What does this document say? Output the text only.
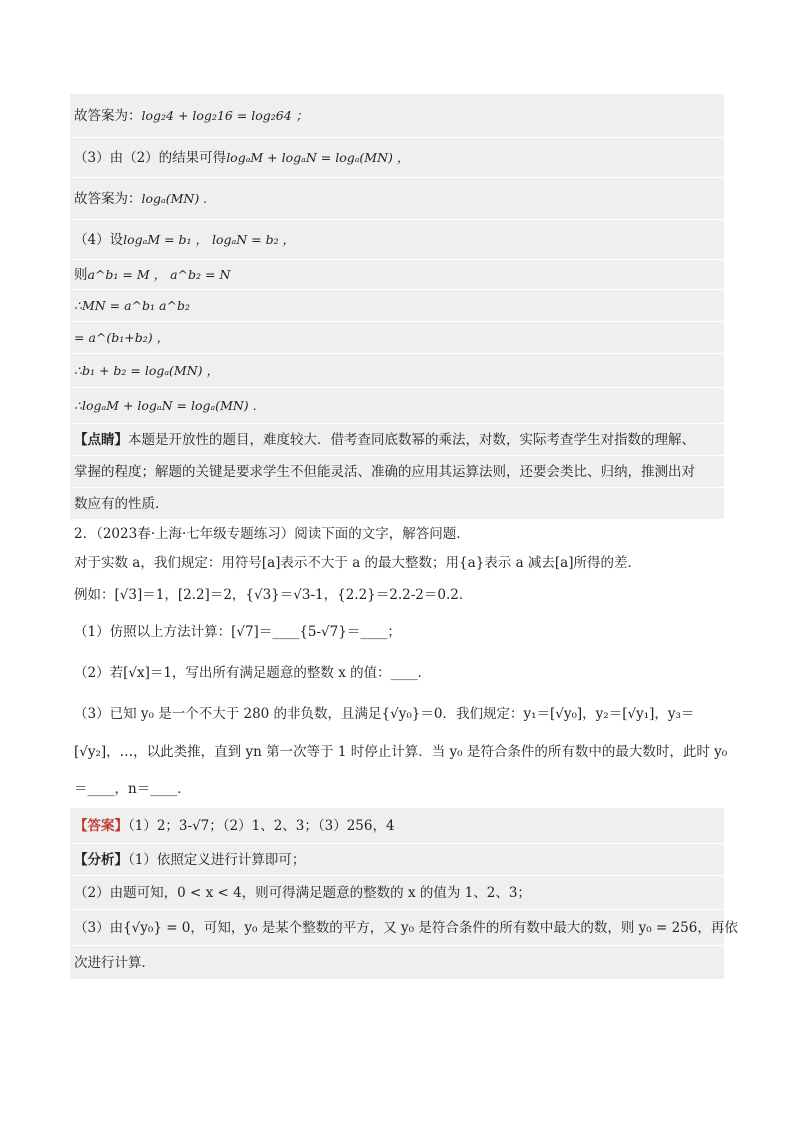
故答案为：log₂4 + log₂16 = log₂64 ；
（3）由（2）的结果可得logₐM + logₐN = logₐ(MN) ，
故答案为：logₐ(MN) .
（4）设logₐM = b₁ ， logₐN = b₂ ，
则a^b₁ = M ， a^b₂ = N
∴MN = a^b₁ a^b₂
= a^(b₁+b₂) ，
∴b₁ + b₂ = logₐ(MN) ，
∴logₐM + logₐN = logₐ(MN) .
【点睛】本题是开放性的题目，难度较大．借考查同底数幂的乘法，对数，实际考查学生对指数的理解、
掌握的程度；解题的关键是要求学生不但能灵活、准确的应用其运算法则，还要会类比、归纳，推测出对
数应有的性质．
2．（2023春·上海·七年级专题练习）阅读下面的文字，解答问题．
对于实数 a，我们规定：用符号[a]表示不大于 a 的最大整数；用{a}表示 a 减去[a]所得的差．
例如：[√3]＝1，[2.2]＝2，{√3}＝√3-1，{2.2}＝2.2-2＝0.2．
（1）仿照以上方法计算：[√7]＝____{5-√7}＝____；
（2）若[√x]＝1，写出所有满足题意的整数 x 的值：____．
（3）已知 y₀ 是一个不大于 280 的非负数，且满足{√y₀}＝0．我们规定：y₁＝[√y₀]，y₂＝[√y₁]，y₃＝
[√y₂]，…，以此类推，直到 yn 第一次等于 1 时停止计算．当 y₀ 是符合条件的所有数中的最大数时，此时 y₀
＝____，n＝____．
【答案】（1）2；3-√7；（2）1、2、3；（3）256，4
【分析】（1）依照定义进行计算即可；
（2）由题可知，0 < x < 4，则可得满足题意的整数的 x 的值为 1、2、3；
（3）由{√y₀} = 0，可知，y₀ 是某个整数的平方，又 y₀ 是符合条件的所有数中最大的数，则 y₀ = 256，再依
次进行计算．
